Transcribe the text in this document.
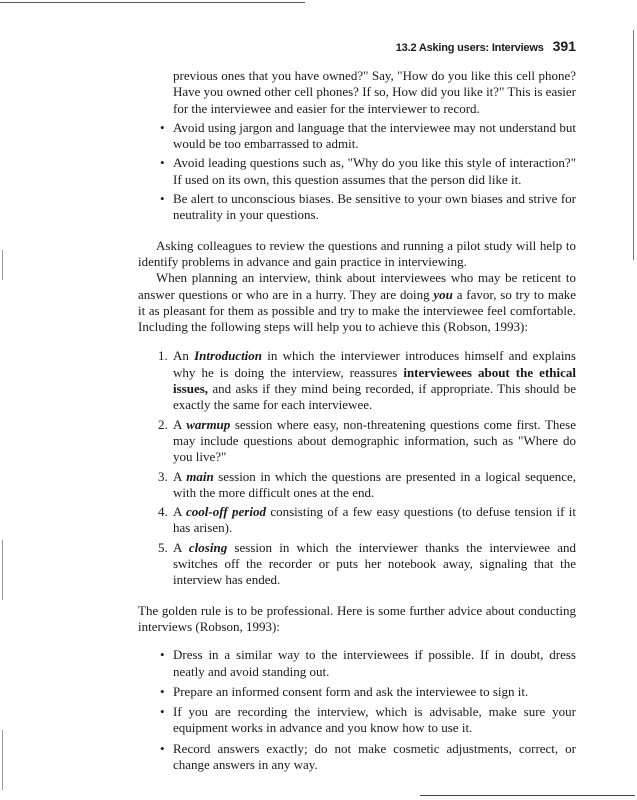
13.2 Asking users: Interviews 391

previous ones that you have owned?" Say, "How do you like this cell phone? Have you owned other cell phones? If so, How did you like it?" This is easier for the interviewee and easier for the interviewer to record.

• Avoid using jargon and language that the interviewee may not understand but would be too embarrassed to admit.
• Avoid leading questions such as, "Why do you like this style of interaction?" If used on its own, this question assumes that the person did like it.
• Be alert to unconscious biases. Be sensitive to your own biases and strive for neutrality in your questions.

Asking colleagues to review the questions and running a pilot study will help to identify problems in advance and gain practice in interviewing.

When planning an interview, think about interviewees who may be reticent to answer questions or who are in a hurry. They are doing you a favor, so try to make it as pleasant for them as possible and try to make the interviewee feel comfortable. Including the following steps will help you to achieve this (Robson, 1993):

1. An Introduction in which the interviewer introduces himself and explains why he is doing the interview, reassures interviewees about the ethical issues, and asks if they mind being recorded, if appropriate. This should be exactly the same for each interviewee.
2. A warmup session where easy, non-threatening questions come first. These may include questions about demographic information, such as "Where do you live?"
3. A main session in which the questions are presented in a logical sequence, with the more difficult ones at the end.
4. A cool-off period consisting of a few easy questions (to defuse tension if it has arisen).
5. A closing session in which the interviewer thanks the interviewee and switches off the recorder or puts her notebook away, signaling that the interview has ended.

The golden rule is to be professional. Here is some further advice about conducting interviews (Robson, 1993):

• Dress in a similar way to the interviewees if possible. If in doubt, dress neatly and avoid standing out.
• Prepare an informed consent form and ask the interviewee to sign it.
• If you are recording the interview, which is advisable, make sure your equipment works in advance and you know how to use it.
• Record answers exactly; do not make cosmetic adjustments, correct, or change answers in any way.
